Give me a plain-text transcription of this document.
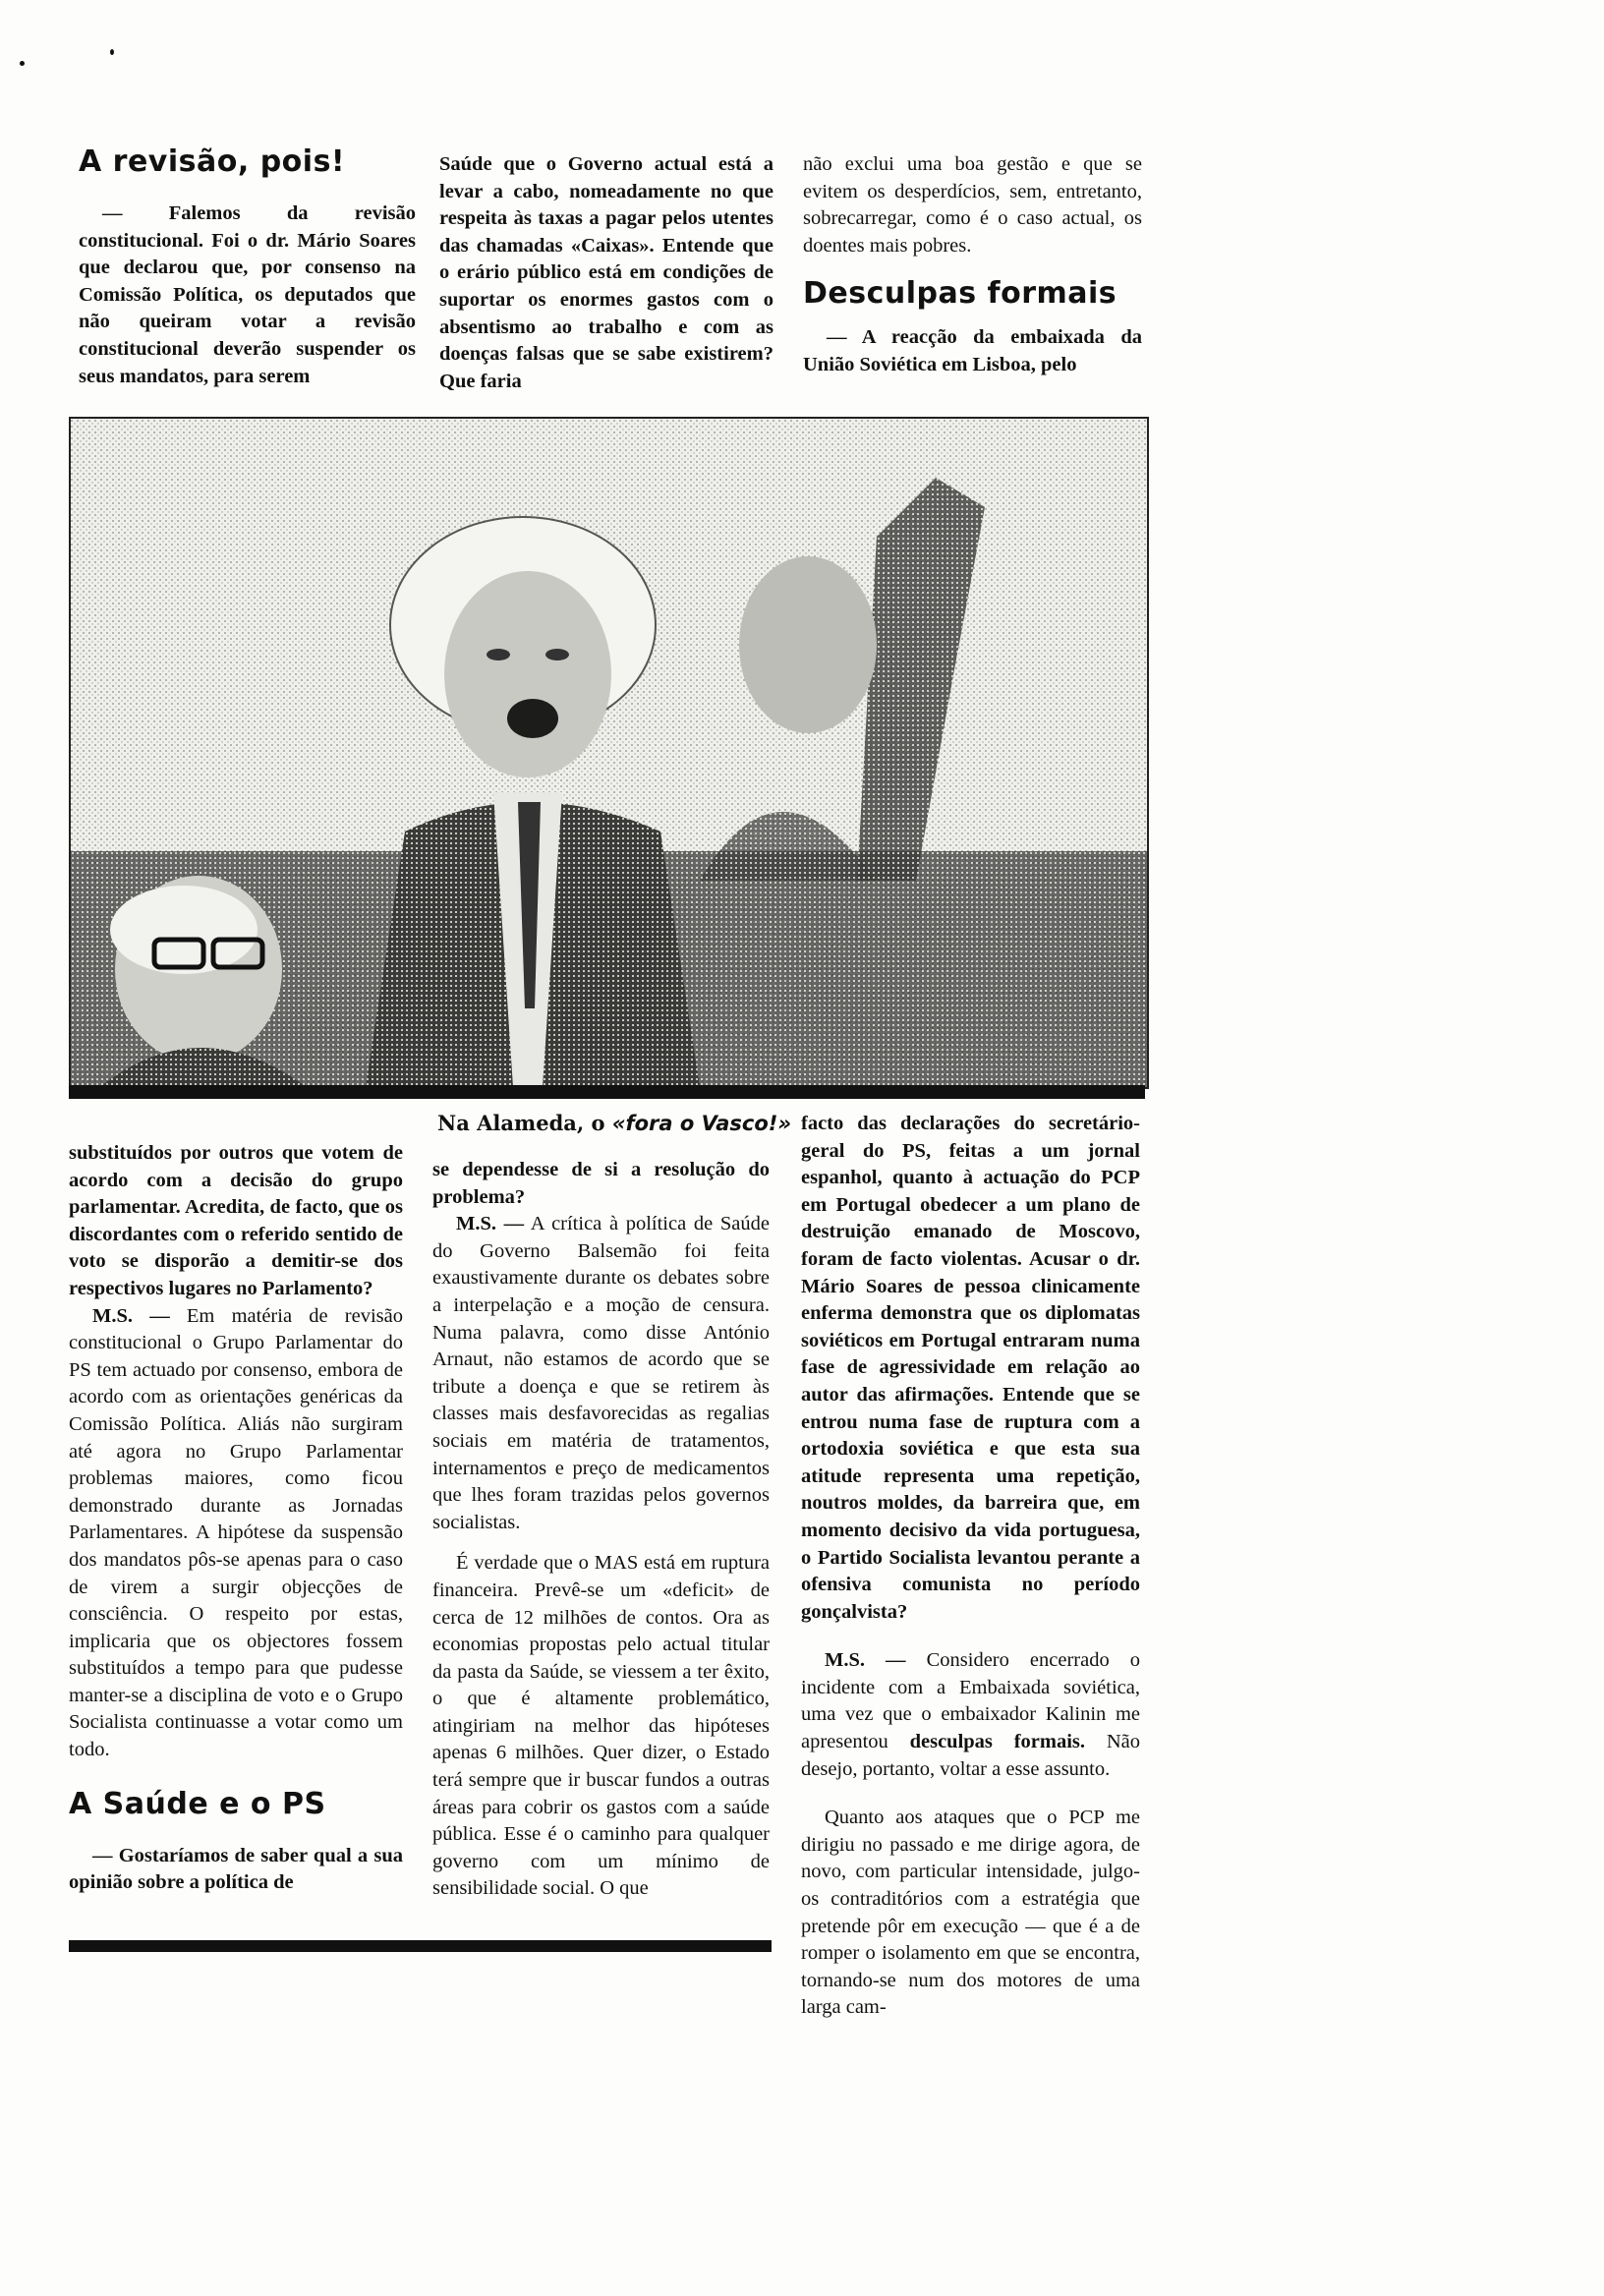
A revisão, pois!

— Falemos da revisão constitucional. Foi o dr. Mário Soares que declarou que, por consenso na Comissão Política, os deputados que não queiram votar a revisão constitucional deverão suspender os seus mandatos, para serem

Saúde que o Governo actual está a levar a cabo, nomeadamente no que respeita às taxas a pagar pelos utentes das chamadas «Caixas». Entende que o erário público está em condições de suportar os enormes gastos com o absentismo ao trabalho e com as doenças falsas que se sabe existirem? Que faria

não exclui uma boa gestão e que se evitem os desperdícios, sem, entretanto, sobrecarregar, como é o caso actual, os doentes mais pobres.

Desculpas formais

— A reacção da embaixada da União Soviética em Lisboa, pelo

Na Alameda, o «fora o Vasco!»

substituídos por outros que votem de acordo com a decisão do grupo parlamentar. Acredita, de facto, que os discordantes com o referido sentido de voto se disporão a demitir-se dos respectivos lugares no Parlamento?

M.S. — Em matéria de revisão constitucional o Grupo Parlamentar do PS tem actuado por consenso, embora de acordo com as orientações genéricas da Comissão Política. Aliás não surgiram até agora no Grupo Parlamentar problemas maiores, como ficou demonstrado durante as Jornadas Parlamentares. A hipótese da suspensão dos mandatos pôs-se apenas para o caso de virem a surgir objecções de consciência. O respeito por estas, implicaria que os objectores fossem substituídos a tempo para que pudesse manter-se a disciplina de voto e o Grupo Socialista continuasse a votar como um todo.

A Saúde e o PS

— Gostaríamos de saber qual a sua opinião sobre a política de

se dependesse de si a resolução do problema?

M.S. — A crítica à política de Saúde do Governo Balsemão foi feita exaustivamente durante os debates sobre a interpelação e a moção de censura. Numa palavra, como disse António Arnaut, não estamos de acordo que se tribute a doença e que se retirem às classes mais desfavorecidas as regalias sociais em matéria de tratamentos, internamentos e preço de medicamentos que lhes foram trazidas pelos governos socialistas.

É verdade que o MAS está em ruptura financeira. Prevê-se um «deficit» de cerca de 12 milhões de contos. Ora as economias propostas pelo actual titular da pasta da Saúde, se viessem a ter êxito, o que é altamente problemático, atingiriam na melhor das hipóteses apenas 6 milhões. Quer dizer, o Estado terá sempre que ir buscar fundos a outras áreas para cobrir os gastos com a saúde pública. Esse é o caminho para qualquer governo com um mínimo de sensibilidade social. O que

facto das declarações do secretário-geral do PS, feitas a um jornal espanhol, quanto à actuação do PCP em Portugal obedecer a um plano de destruição emanado de Moscovo, foram de facto violentas. Acusar o dr. Mário Soares de pessoa clinicamente enferma demonstra que os diplomatas soviéticos em Portugal entraram numa fase de agressividade em relação ao autor das afirmações. Entende que se entrou numa fase de ruptura com a ortodoxia soviética e que esta sua atitude representa uma repetição, noutros moldes, da barreira que, em momento decisivo da vida portuguesa, o Partido Socialista levantou perante a ofensiva comunista no período gonçalvista?

M.S. — Considero encerrado o incidente com a Embaixada soviética, uma vez que o embaixador Kalinin me apresentou desculpas formais. Não desejo, portanto, voltar a esse assunto.

Quanto aos ataques que o PCP me dirigiu no passado e me dirige agora, de novo, com particular intensidade, julgo-os contraditórios com a estratégia que pretende pôr em execução — que é a de romper o isolamento em que se encontra, tornando-se num dos motores de uma larga cam-
